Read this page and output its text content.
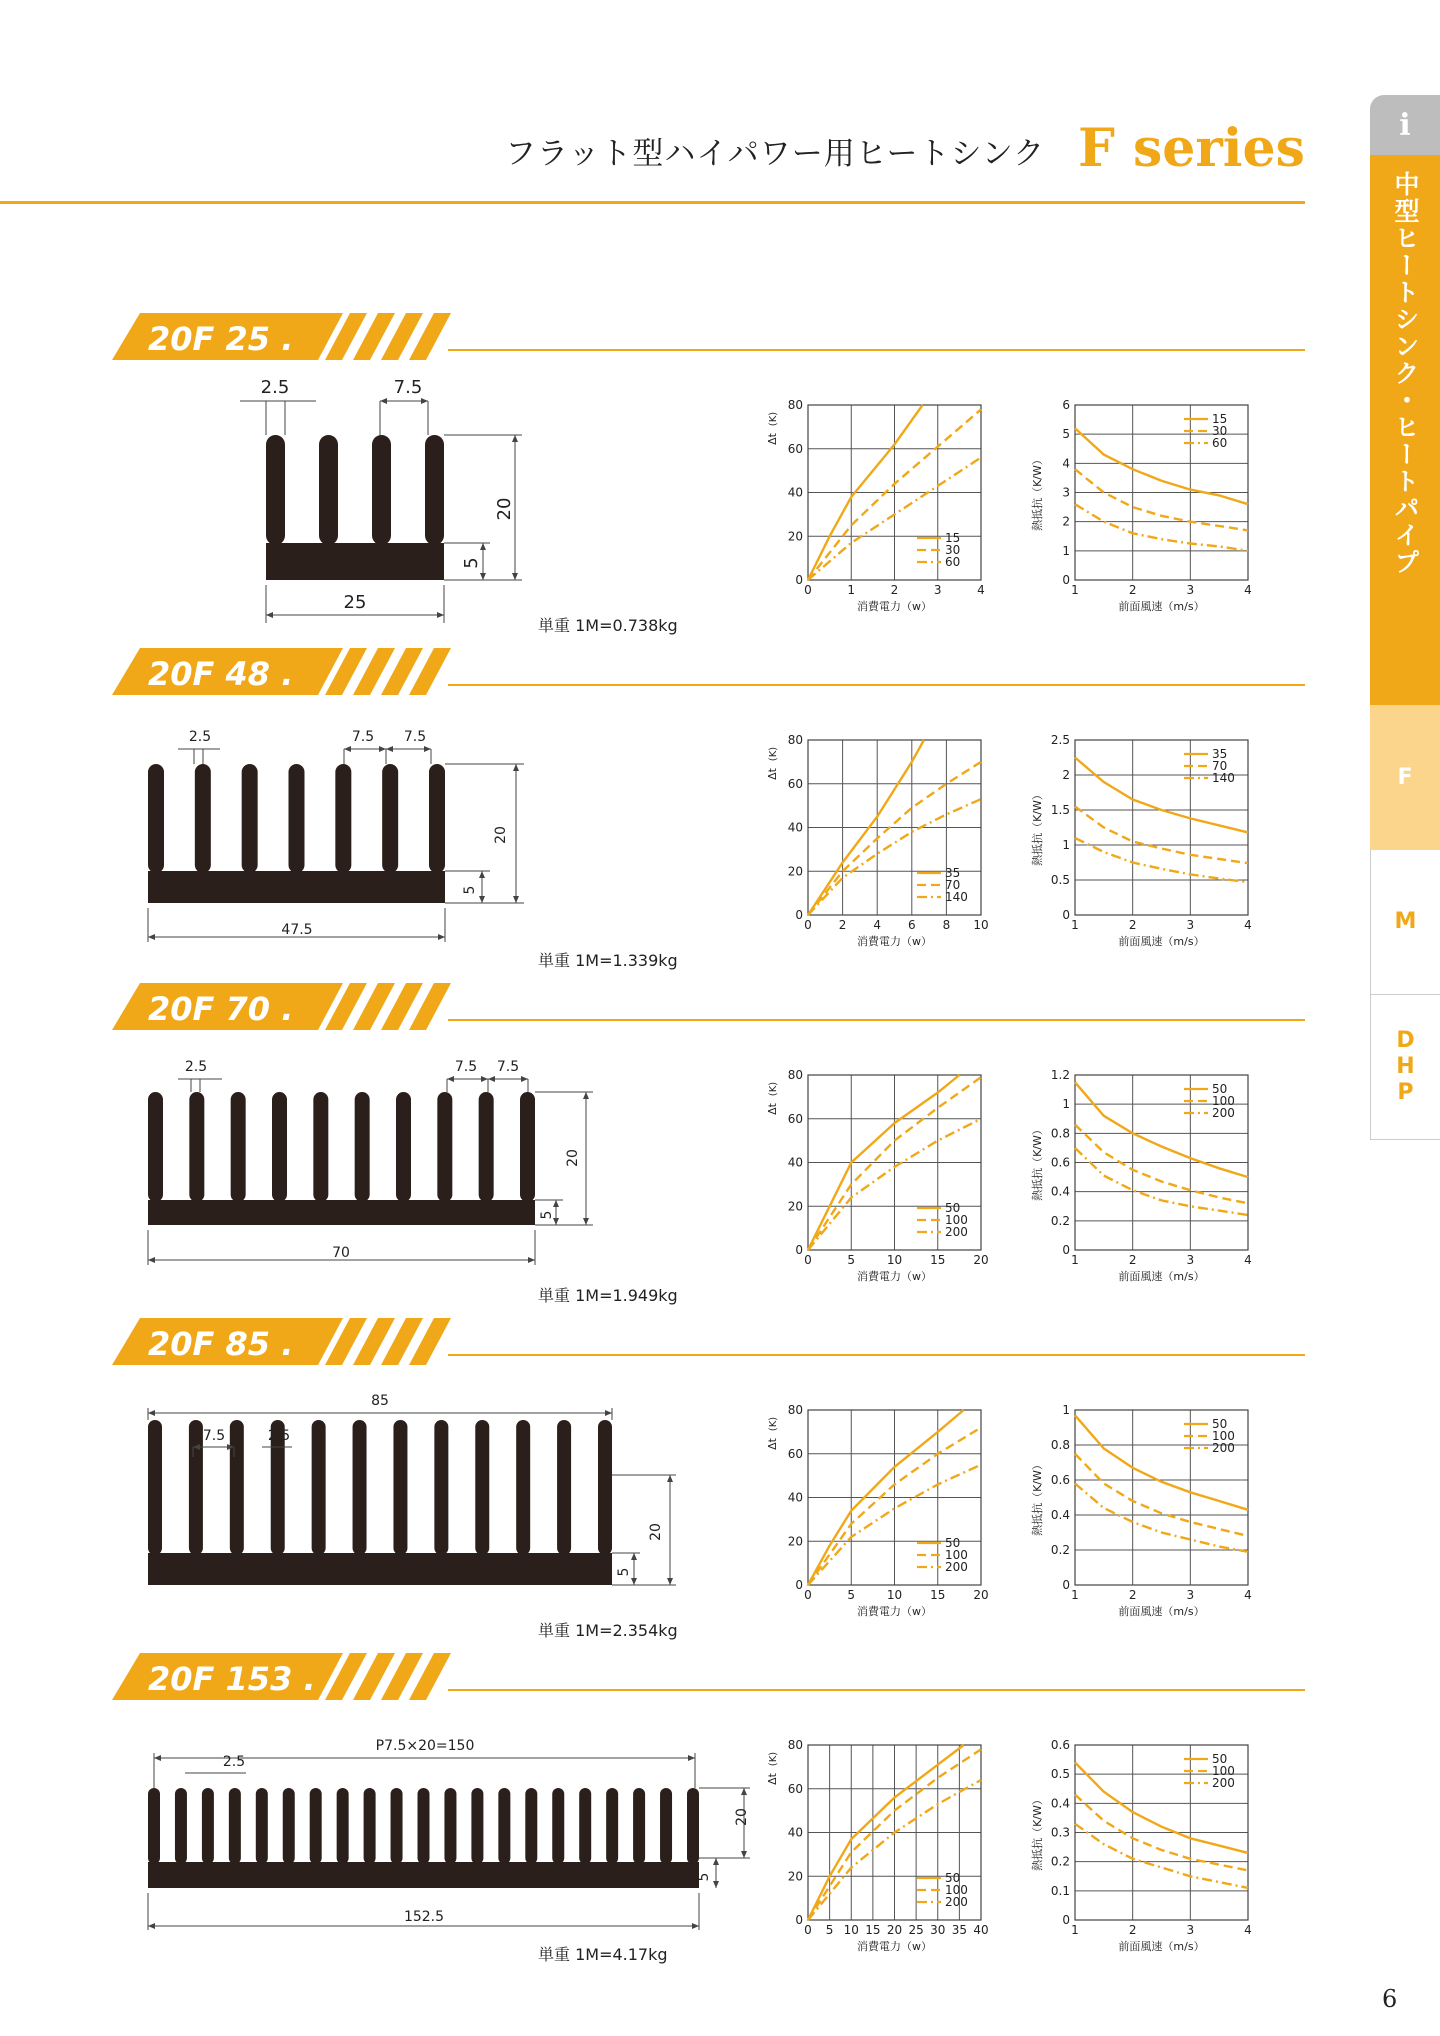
フラット型ハイパワー用ヒートシンク F series	i
中型ヒートシンク・ヒートパイプ
F
M
D
H
P
20F 25 .
単重 1M=0.738kg
2.5	7.5
20
5
25
0	1	2	3	4
0
20
40
60
80
消費電力（w）
(K)
Δt
15
30
60
1	2	3	4
0
1
2
3
4
5
6
前面風速（m/s）
熱抵抗（K/W）
15
30
60
20F 48 .
単重 1M=1.339kg
2.5	7.5 7.5
20
5
47.5	0 2 4 6 8 10
0
20
40
60
80
消費電力（w）
(K)
Δt
35
70
140
1	2	3	4
0
0.5
1
1.5
2
2.5
前面風速（m/s）
熱抵抗（K/W）
35
70
140
20F 70 .
単重 1M=1.949kg
2.5	7.5 7.5
20
5
70	0	5	10 15 20
0
20
40
60
80
消費電力（w）
(K)
Δt
50
100
200
1	2	3	4
0
0.2
0.4
0.6
0.8
1
1.2
前面風速（m/s）
熱抵抗（K/W）
50
100
200
20F 85 .
単重 1M=2.354kg
85
7.5	2.5
20
5
0	5	10 15 20
0
20
40
60
80
消費電力（w）
(K)
Δt
50
100
200
1	2	3	4
0
0.2
0.4
0.6
0.8
1
前面風速（m/s）
熱抵抗（K/W）
50
100
200
20F 153 .
単重 1M=4.17kg
P7.5×20=150
2.5
20
5
152.5
0 5 10 15 20 25 30 35 40
0
20
40
60
80
消費電力（w）
(K)
Δt
50
100
200
1	2	3	4
0
0.1
0.2
0.3
0.4
0.5
0.6
前面風速（m/s）
熱抵抗（K/W）
50
100
200
6
